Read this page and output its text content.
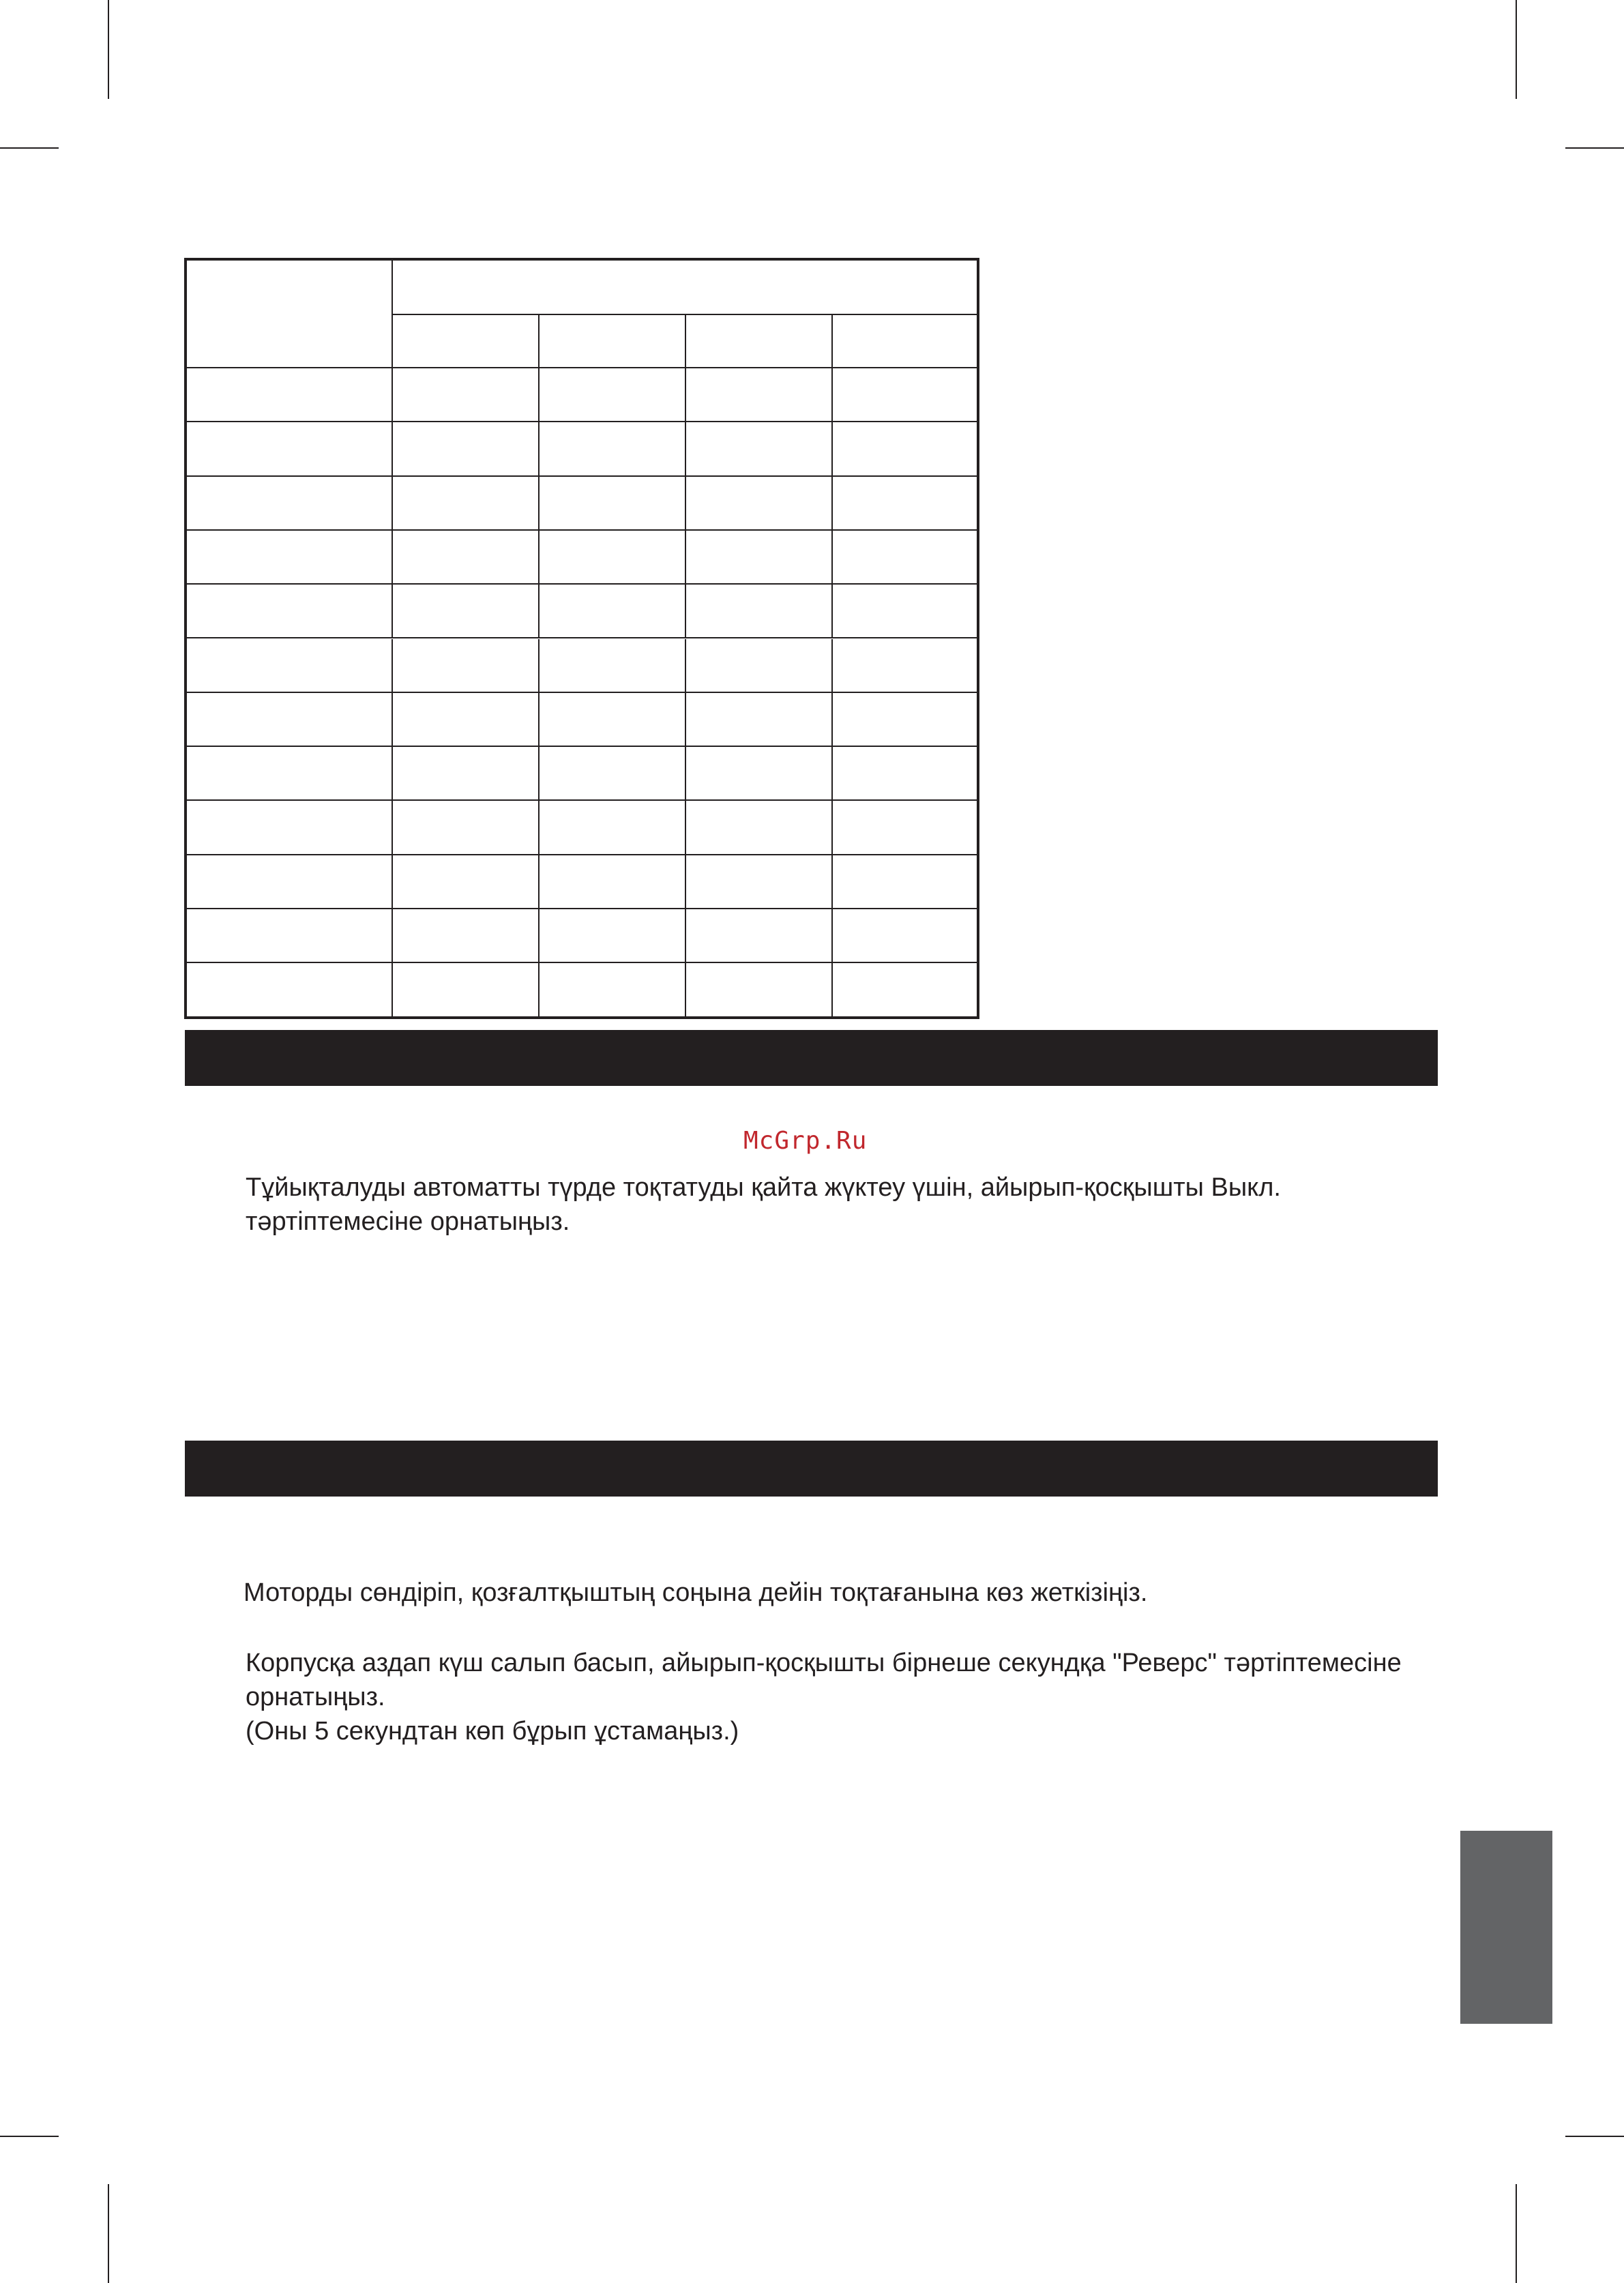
McGrp.Ru
Тұйықталуды автоматты түрде тоқтатуды қайта жүктеу үшін, айырып-қосқышты Выкл.
тәртіптемесіне орнатыңыз.
Моторды сөндіріп, қозғалтқыштың соңына дейін тоқтағанына көз жеткізіңіз.
Корпусқа аздап күш салып басып, айырып-қосқышты бірнеше секундқа "Реверс" тәртіптемесіне
орнатыңыз.
(Оны 5 секундтан көп бұрып ұстамаңыз.)
